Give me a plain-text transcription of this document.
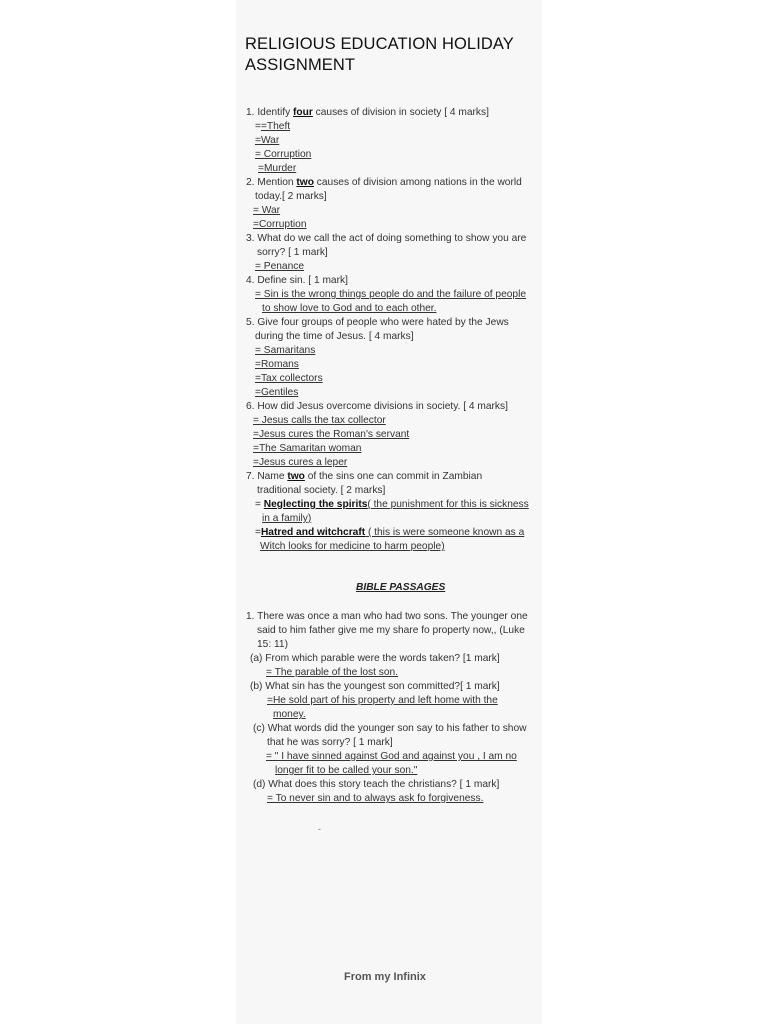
RELIGIOUS EDUCATION HOLIDAY ASSIGNMENT
1. Identify four causes of division in society [ 4 marks]
==Theft
=War
= Corruption
=Murder
2. Mention two causes of division among nations in the world
today.[ 2 marks]
= War
=Corruption
3. What do we call the act of doing something to show you are
sorry? [ 1 mark]
= Penance
4. Define sin. [ 1 mark]
= Sin is the wrong things people do and the failure of people
to show love to God and to each other.
5. Give four groups of people who were hated by the Jews
during the time of Jesus. [ 4 marks]
= Samaritans
=Romans
=Tax collectors
=Gentiles
6. How did Jesus overcome divisions in society. [ 4 marks]
= Jesus calls the tax collector
=Jesus cures the Roman's servant
=The Samaritan woman
=Jesus cures a leper
7. Name two of the sins one can commit in Zambian
traditional society. [ 2 marks]
= Neglecting the spirits( the punishment for this is sickness
in a family)
=Hatred and witchcraft ( this is were someone known as a
Witch looks for medicine to harm people)
BIBLE PASSAGES
1. There was once a man who had two sons. The younger one
said to him father give me my share fo property now,, (Luke
15: 11)
(a) From which parable were the words taken? [1 mark]
= The parable of the lost son.
(b) What sin has the youngest son committed?[ 1 mark]
=He sold part of his property and left home with the
money.
(c) What words did the younger son say to his father to show
that he was sorry? [ 1 mark]
= " I have sinned against God and against you , I am no
longer fit to be called your son."
(d) What does this story teach the christians? [ 1 mark]
= To never sin and to always ask fo forgiveness.
-
From my Infinix
